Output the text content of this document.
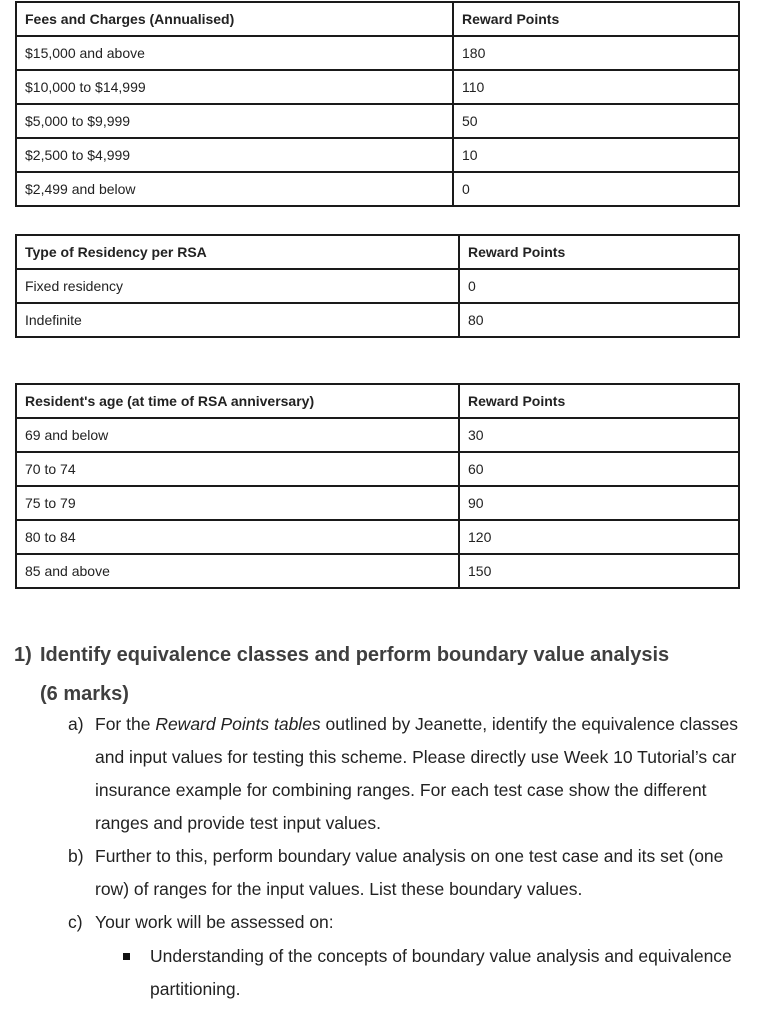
Fees and Charges (Annualised)	Reward Points
$15,000 and above	180
$10,000 to $14,999	110
$5,000 to $9,999	50
$2,500 to $4,999	10
$2,499 and below	0
Type of Residency per RSA	Reward Points
Fixed residency	0
Indefinite	80
Resident's age (at time of RSA anniversary)	Reward Points
69 and below	30
70 to 74	60
75 to 79	90
80 to 84	120
85 and above	150
1) Identify equivalence classes and perform boundary value analysis
(6 marks)
a) For the Reward Points tables outlined by Jeanette, identify the equivalence classes and input values for testing this scheme. Please directly use Week 10 Tutorial’s car insurance example for combining ranges. For each test case show the different ranges and provide test input values.
b) Further to this, perform boundary value analysis on one test case and its set (one row) of ranges for the input values. List these boundary values.
c) Your work will be assessed on:
Understanding of the concepts of boundary value analysis and equivalence partitioning.
